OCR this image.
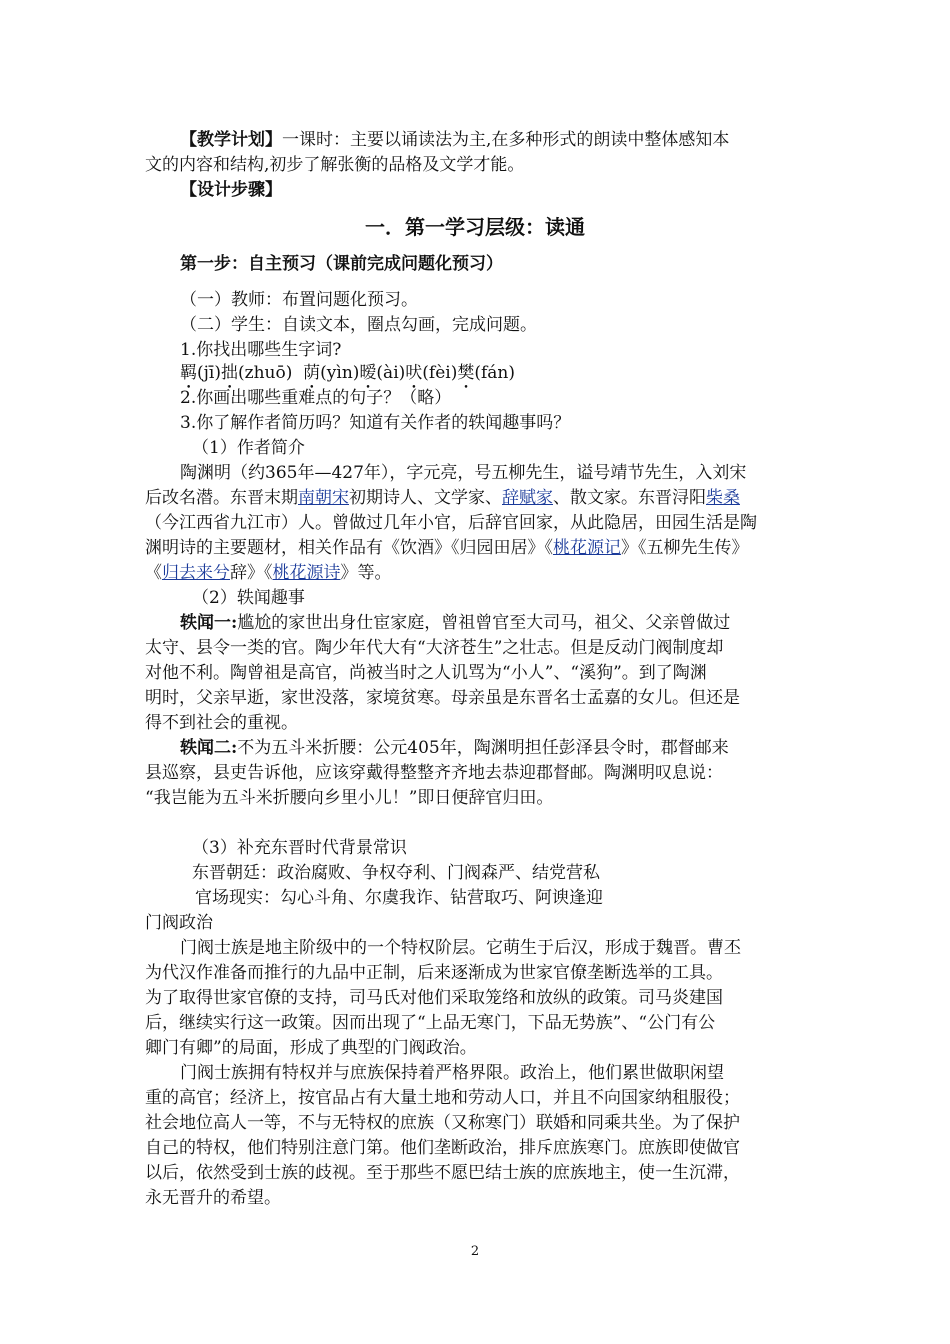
【教学计划】一课时：主要以诵读法为主,在多种形式的朗读中整体感知本
文的内容和结构,初步了解张衡的品格及文学才能。
【设计步骤】
一．第一学习层级：读通
第一步：自主预习（课前完成问题化预习）
（一）教师：布置问题化预习。
（二）学生：自读文本，圈点勾画，完成问题。
1.你找出哪些生字词?
羁(jī)拙(zhuō) 荫(yìn)暧(ài)吠(fèi)樊(fán)
2.你画出哪些重难点的句子？（略）
3.你了解作者简历吗？知道有关作者的轶闻趣事吗？
（1）作者简介
陶渊明（约365年—427年），字元亮，号五柳先生，谥号靖节先生，入刘宋
后改名潜。东晋末期南朝宋初期诗人、文学家、辞赋家、散文家。东晋浔阳柴桑
（今江西省九江市）人。曾做过几年小官，后辞官回家，从此隐居，田园生活是陶
渊明诗的主要题材，相关作品有《饮酒》《归园田居》《桃花源记》《五柳先生传》
《归去来兮辞》《桃花源诗》等。
（2）轶闻趣事
轶闻一:尴尬的家世出身仕宦家庭，曾祖曾官至大司马，祖父、父亲曾做过
太守、县令一类的官。陶少年代大有“大济苍生”之壮志。但是反动门阀制度却
对他不利。陶曾祖是高官，尚被当时之人讥骂为“小人”、“溪狗”。到了陶渊
明时，父亲早逝，家世没落，家境贫寒。母亲虽是东晋名士孟嘉的女儿。但还是
得不到社会的重视。
轶闻二:不为五斗米折腰：公元405年，陶渊明担任彭泽县令时，郡督邮来
县巡察，县吏告诉他，应该穿戴得整整齐齐地去恭迎郡督邮。陶渊明叹息说：
“我岂能为五斗米折腰向乡里小儿！”即日便辞官归田。
（3）补充东晋时代背景常识
东晋朝廷：政治腐败、争权夺利、门阀森严、结党营私
官场现实：勾心斗角、尔虞我诈、钻营取巧、阿谀逢迎
门阀政治
门阀士族是地主阶级中的一个特权阶层。它萌生于后汉，形成于魏晋。曹丕
为代汉作准备而推行的九品中正制，后来逐渐成为世家官僚垄断选举的工具。
为了取得世家官僚的支持，司马氏对他们采取笼络和放纵的政策。司马炎建国
后，继续实行这一政策。因而出现了“上品无寒门，下品无势族”、“公门有公
卿门有卿”的局面，形成了典型的门阀政治。
门阀士族拥有特权并与庶族保持着严格界限。政治上，他们累世做职闲望
重的高官；经济上，按官品占有大量土地和劳动人口，并且不向国家纳租服役；
社会地位高人一等，不与无特权的庶族（又称寒门）联婚和同乘共坐。为了保护
自己的特权，他们特别注意门第。他们垄断政治，排斥庶族寒门。庶族即使做官
以后，依然受到士族的歧视。至于那些不愿巴结士族的庶族地主，使一生沉滞，
永无晋升的希望。
2
